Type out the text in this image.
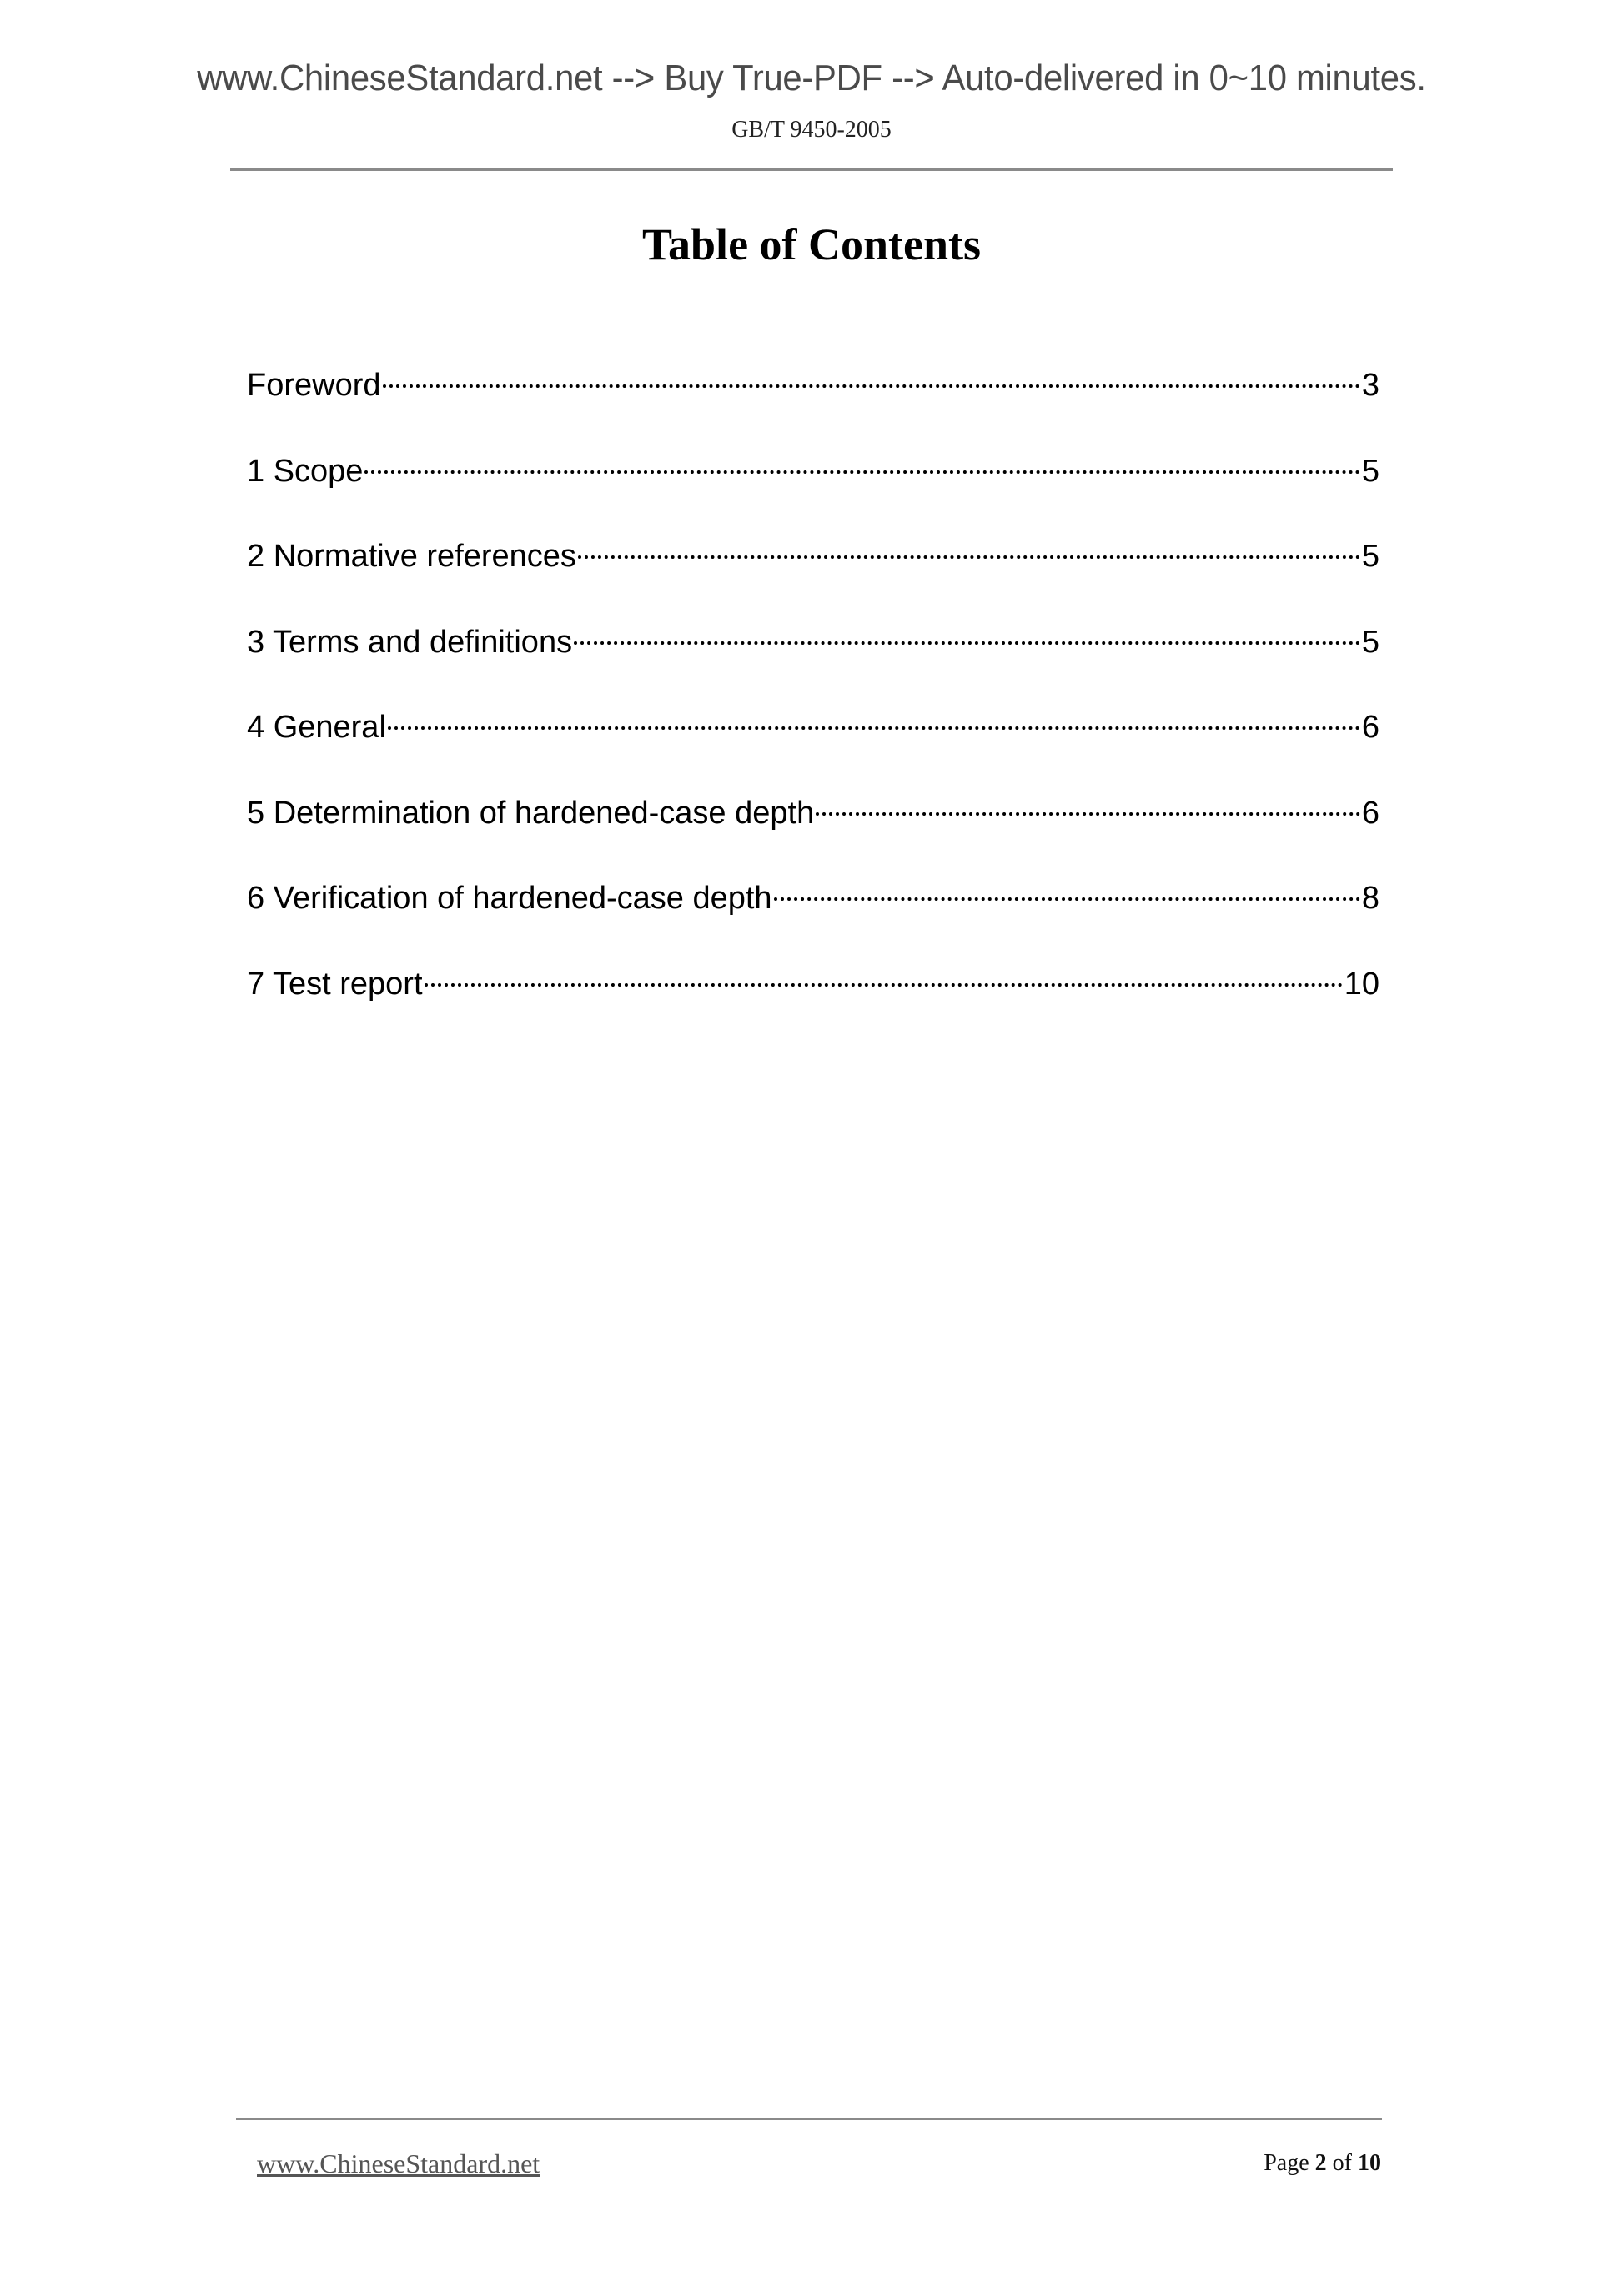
www.ChineseStandard.net --> Buy True-PDF --> Auto-delivered in 0~10 minutes.
GB/T 9450-2005
Table of Contents
Foreword	3
1 Scope	5
2 Normative references	5
3 Terms and definitions	5
4 General	6
5 Determination of hardened-case depth	6
6 Verification of hardened-case depth	8
7 Test report	10
www.ChineseStandard.net	Page 2 of 10
